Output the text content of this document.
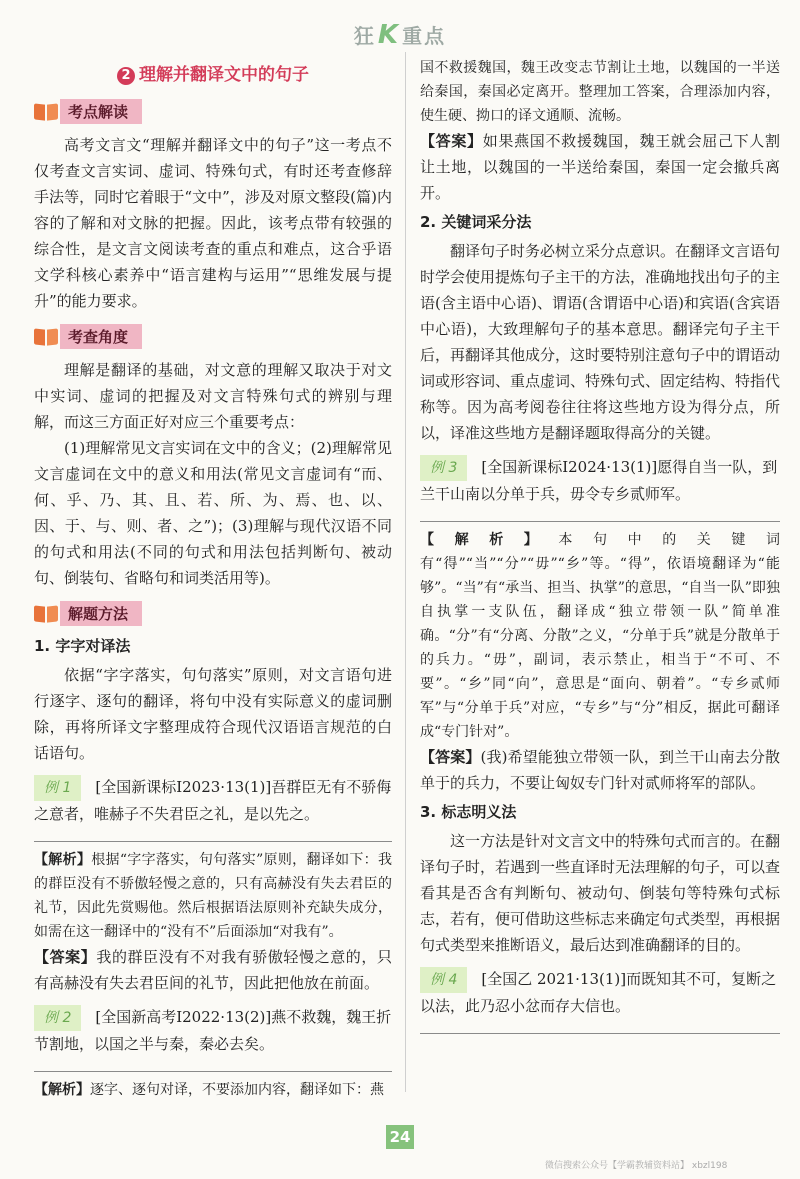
狂K 重点
2 理解并翻译文中的句子
考点解读

高考文言文“理解并翻译文中的句子”这一考点不仅考查文言实词、虚词、特殊句式，有时还考查修辞手法等，同时它着眼于“文中”，涉及对原文整段(篇)内容的了解和对文脉的把握。因此，该考点带有较强的综合性，是文言文阅读考查的重点和难点，这合乎语文学科核心素养中“语言建构与运用”“思维发展与提升”的能力要求。

考查角度

理解是翻译的基础，对文意的理解又取决于对文中实词、虚词的把握及对文言特殊句式的辨别与理解，而这三方面正好对应三个重要考点：

(1)理解常见文言实词在文中的含义；(2)理解常见文言虚词在文中的意义和用法(常见文言虚词有“而、何、乎、乃、其、且、若、所、为、焉、也、以、因、于、与、则、者、之”)；(3)理解与现代汉语不同的句式和用法(不同的句式和用法包括判断句、被动句、倒装句、省略句和词类活用等)。

解题方法
1. 字字对译法

依据“字字落实，句句落实”原则，对文言语句进行逐字、逐句的翻译，将句中没有实际意义的虚词删除，再将所译文字整理成符合现代汉语语言规范的白话语句。

例 1 [全国新课标Ⅰ2023·13(1)]吾群臣无有不骄侮之意者，唯赫子不失君臣之礼，是以先之。

【解析】根据“字字落实，句句落实”原则，翻译如下：我的群臣没有不骄傲轻慢之意的，只有高赫没有失去君臣的礼节，因此先赏赐他。然后根据语法原则补充缺失成分，如需在这一翻译中的“没有不”后面添加“对我有”。

【答案】我的群臣没有不对我有骄傲轻慢之意的，只有高赫没有失去君臣间的礼节，因此把他放在前面。

例 2 [全国新高考Ⅰ2022·13(2)]燕不救魏，魏王折节割地，以国之半与秦，秦必去矣。

【解析】逐字、逐句对译，不要添加内容，翻译如下：燕

国不救援魏国，魏王改变志节割让土地，以魏国的一半送给秦国，秦国必定离开。整理加工答案，合理添加内容，使生硬、拗口的译文通顺、流畅。

【答案】如果燕国不救援魏国，魏王就会屈己下人割让土地，以魏国的一半送给秦国，秦国一定会撤兵离开。

2. 关键词采分法

翻译句子时务必树立采分点意识。在翻译文言语句时学会使用提炼句子主干的方法，准确地找出句子的主语(含主语中心语)、谓语(含谓语中心语)和宾语(含宾语中心语)，大致理解句子的基本意思。翻译完句子主干后，再翻译其他成分，这时要特别注意句子中的谓语动词或形容词、重点虚词、特殊句式、固定结构、特指代称等。因为高考阅卷往往将这些地方设为得分点，所以，译准这些地方是翻译题取得高分的关键。

例 3 [全国新课标Ⅰ2024·13(1)]愿得自当一队，到兰干山南以分单于兵，毋令专乡贰师军。

【解析】本句中的关键词有“得”“当”“分”“毋”“乡”等。“得”，依语境翻译为“能够”。“当”有“承当、担当、执掌”的意思，“自当一队”即独自执掌一支队伍，翻译成“独立带领一队”简单准确。“分”有“分离、分散”之义，“分单于兵”就是分散单于的兵力。“毋”，副词，表示禁止，相当于“不可、不要”。“乡”同“向”，意思是“面向、朝着”。“专乡贰师军”与“分单于兵”对应，“专乡”与“分”相反，据此可翻译成“专门针对”。

【答案】(我)希望能独立带领一队，到兰干山南去分散单于的兵力，不要让匈奴专门针对贰师将军的部队。

3. 标志明义法

这一方法是针对文言文中的特殊句式而言的。在翻译句子时，若遇到一些直译时无法理解的句子，可以查看其是否含有判断句、被动句、倒装句等特殊句式标志，若有，便可借助这些标志来确定句式类型，再根据句式类型来推断语义，最后达到准确翻译的目的。

例 4 [全国乙 2021·13(1)]而既知其不可，复断之以法，此乃忍小忿而存大信也。
24
微信搜索公众号【学霸教辅资料站】 xbzl198
